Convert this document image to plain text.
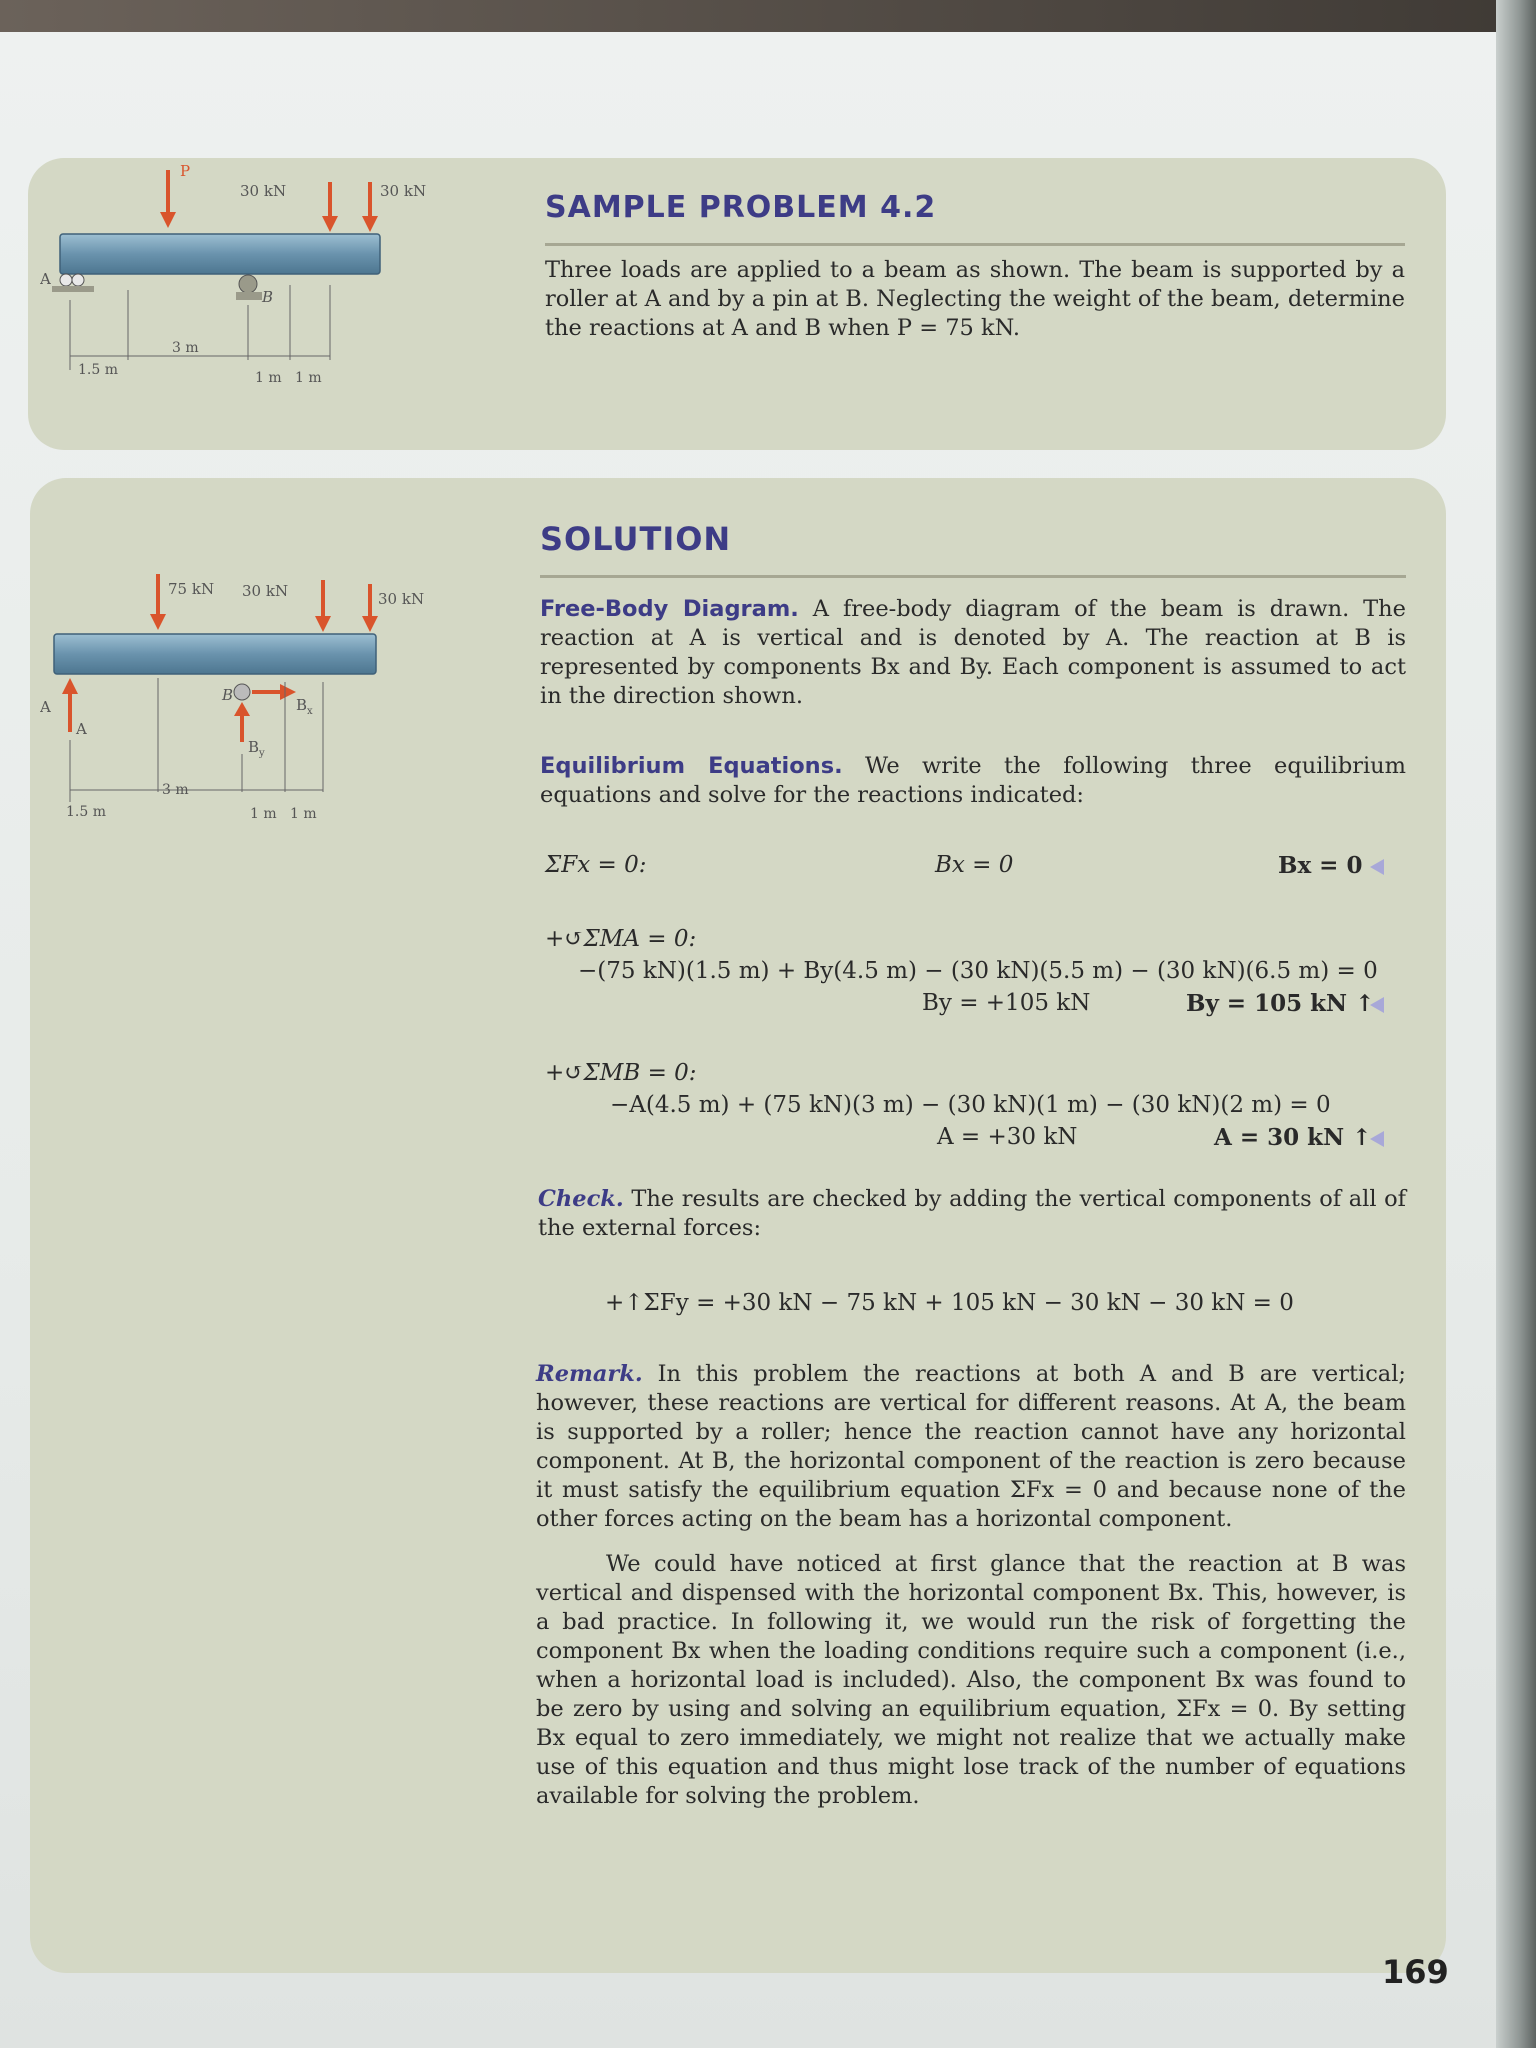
P
30 kN	30 kN
A
B
1.5 m
3 m
1 m 1 m
SAMPLE PROBLEM 4.2
Three loads are applied to a beam as shown. The beam is supported by a roller at A and by a pin at B. Neglecting the weight of the beam, determine the reactions at A and B when P = 75 kN.
75 kN 30 kN	30 kN
A
A
B
$B_x$
$B_y$
1.5 m
3 m
1 m 1 m
SOLUTION
Free-Body Diagram. A free-body diagram of the beam is drawn. The reaction at A is vertical and is denoted by A. The reaction at B is represented by components Bx and By. Each component is assumed to act in the direction shown.
Equilibrium Equations. We write the following three equilibrium equations and solve for the reactions indicated:
ΣFx = 0:	Bx = 0	Bx = 0
+↺ΣMA = 0:
−(75 kN)(1.5 m) + By(4.5 m) − (30 kN)(5.5 m) − (30 kN)(6.5 m) = 0
By = +105 kN	By = 105 kN ↑
+↺ΣMB = 0:
−A(4.5 m) + (75 kN)(3 m) − (30 kN)(1 m) − (30 kN)(2 m) = 0
A = +30 kN	A = 30 kN ↑
Check. The results are checked by adding the vertical components of all of the external forces:
+↑ΣFy = +30 kN − 75 kN + 105 kN − 30 kN − 30 kN = 0
Remark. In this problem the reactions at both A and B are vertical; however, these reactions are vertical for different reasons. At A, the beam is supported by a roller; hence the reaction cannot have any horizontal component. At B, the horizontal component of the reaction is zero because it must satisfy the equilibrium equation ΣFx = 0 and because none of the other forces acting on the beam has a horizontal component.
We could have noticed at first glance that the reaction at B was vertical and dispensed with the horizontal component Bx. This, however, is a bad practice. In following it, we would run the risk of forgetting the component Bx when the loading conditions require such a component (i.e., when a horizontal load is included). Also, the component Bx was found to be zero by using and solving an equilibrium equation, ΣFx = 0. By setting Bx equal to zero immediately, we might not realize that we actually make use of this equation and thus might lose track of the number of equations available for solving the problem.
169
